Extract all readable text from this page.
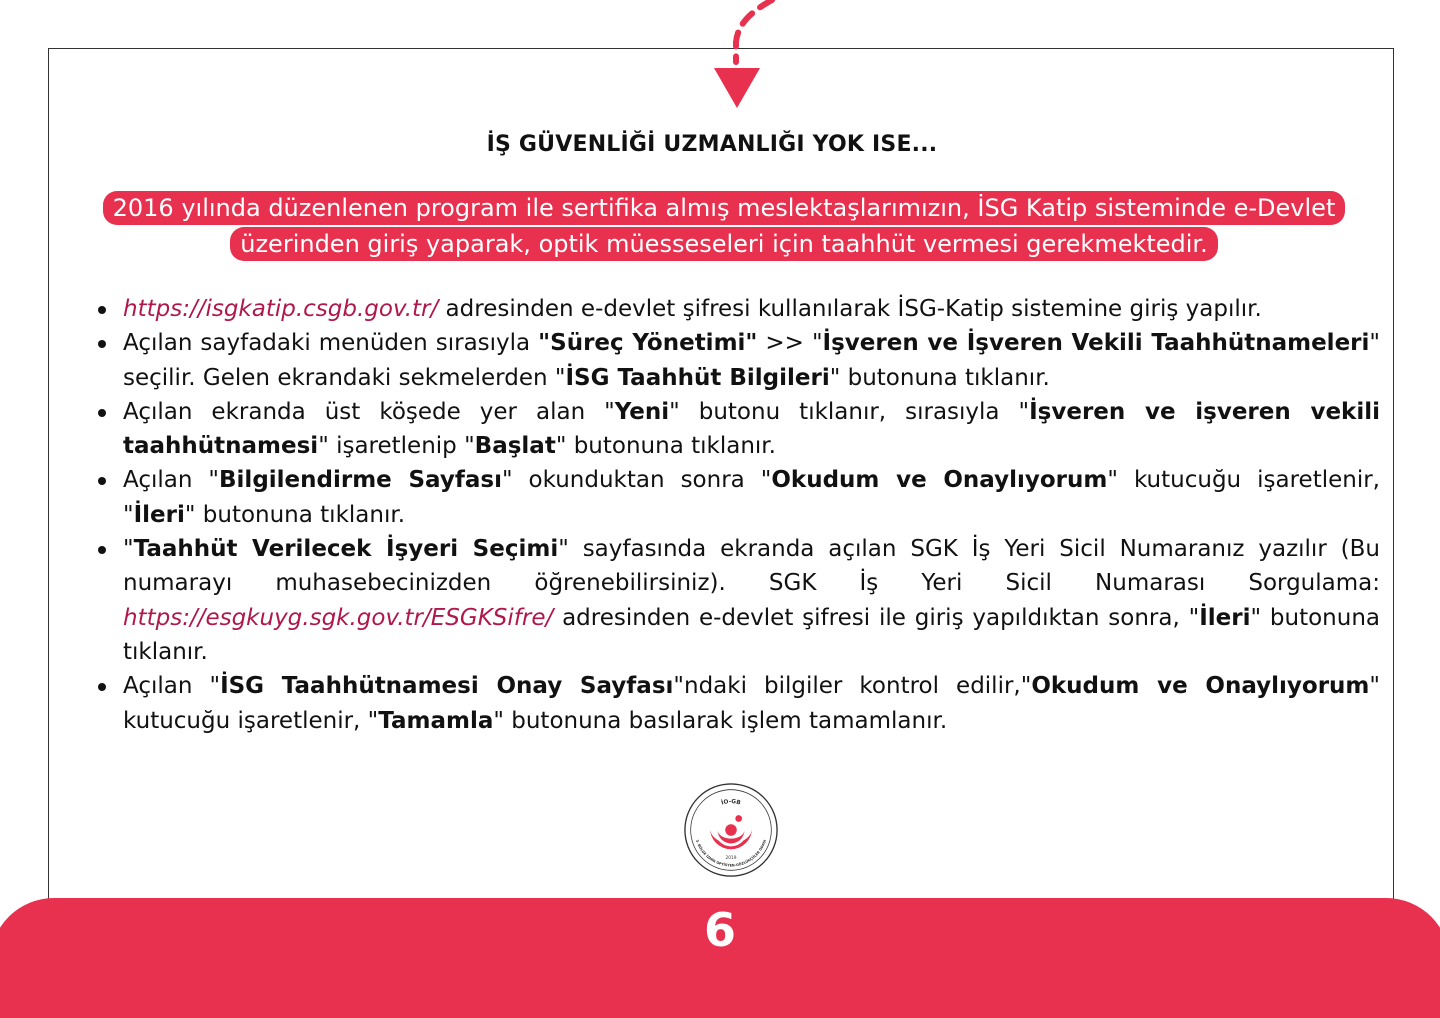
İŞ GÜVENLİĞİ UZMANLIĞI YOK ISE...
2016 yılında düzenlenen program ile sertifika almış meslektaşlarımızın, İSG Katip sisteminde e-Devlet üzerinden giriş yaparak, optik müesseseleri için taahhüt vermesi gerekmektedir.
https://isgkatip.csgb.gov.tr/ adresinden e-devlet şifresi kullanılarak İSG-Katip sistemine giriş yapılır.
Açılan sayfadaki menüden sırasıyla "Süreç Yönetimi" >> "İşveren ve İşveren Vekili Taahhütnameleri" seçilir. Gelen ekrandaki sekmelerden "İSG Taahhüt Bilgileri" butonuna tıklanır.
Açılan ekranda üst köşede yer alan "Yeni" butonu tıklanır, sırasıyla "İşveren ve işveren vekili taahhütnamesi" işaretlenip "Başlat" butonuna tıklanır.
Açılan "Bilgilendirme Sayfası" okunduktan sonra "Okudum ve Onaylıyorum" kutucuğu işaretlenir, "İleri" butonuna tıklanır.
"Taahhüt Verilecek İşyeri Seçimi" sayfasında ekranda açılan SGK İş Yeri Sicil Numaranız yazılır (Bu numarayı muhasebecinizden öğrenebilirsiniz). SGK İş Yeri Sicil Numarası Sorgulama: https://esgkuyg.sgk.gov.tr/ESGKSifre/ adresinden e-devlet şifresi ile giriş yapıldıktan sonra, "İleri" butonuna tıklanır.
Açılan "İSG Taahhütnamesi Onay Sayfası"ndaki bilgiler kontrol edilir,"Okudum ve Onaylıyorum" kutucuğu işaretlenir, "Tamamla" butonuna basılarak işlem tamamlanır.
İO-GB
3. BÖLGE İZMİR OPTİSYEN-GÖZLÜKÇÜLER ODASI
2019
6
